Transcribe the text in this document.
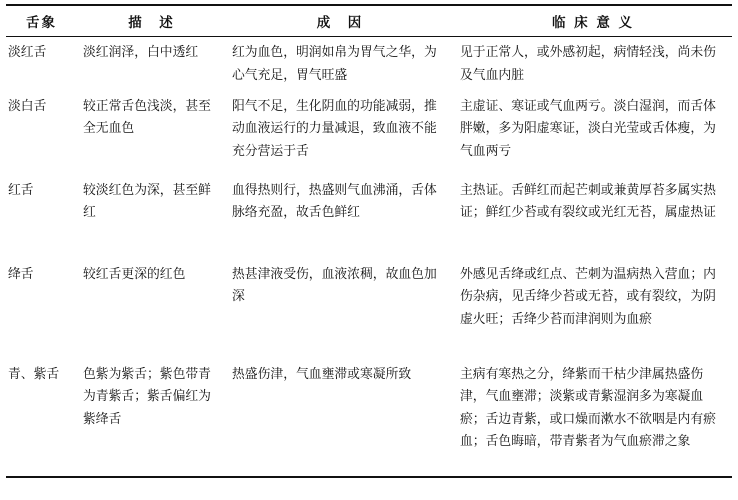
舌象	描　述	成　因	临 床 意 义
淡红舌	淡红润泽，白中透红	红为血色，明润如帛为胃气之华，为心气充足，胃气旺盛	见于正常人，或外感初起，病情轻浅，尚未伤及气血内脏
淡白舌	较正常舌色浅淡，甚至全无血色	阳气不足，生化阴血的功能减弱，推动血液运行的力量减退，致血液不能充分营运于舌	主虚证、寒证或气血两亏。淡白湿润，而舌体胖嫩，多为阳虚寒证，淡白光莹或舌体瘦，为气血两亏
红舌	较淡红色为深，甚至鲜红	血得热则行，热盛则气血沸涌，舌体脉络充盈，故舌色鲜红	主热证。舌鲜红而起芒刺或兼黄厚苔多属实热证；鲜红少苔或有裂纹或光红无苔，属虚热证
绛舌	较红舌更深的红色	热甚津液受伤，血液浓稠，故血色加深	外感见舌绛或红点、芒刺为温病热入营血；内伤杂病，见舌绛少苔或无苔，或有裂纹，为阴虚火旺；舌绛少苔而津润则为血瘀
青、紫舌	色紫为紫舌；紫色带青为青紫舌；紫舌偏红为紫绛舌	热盛伤津，气血壅滞或寒凝所致	主病有寒热之分，绛紫而干枯少津属热盛伤津，气血壅滞；淡紫或青紫湿润多为寒凝血瘀；舌边青紫，或口燥而漱水不欲咽是内有瘀血；舌色晦暗，带青紫者为气血瘀滞之象
